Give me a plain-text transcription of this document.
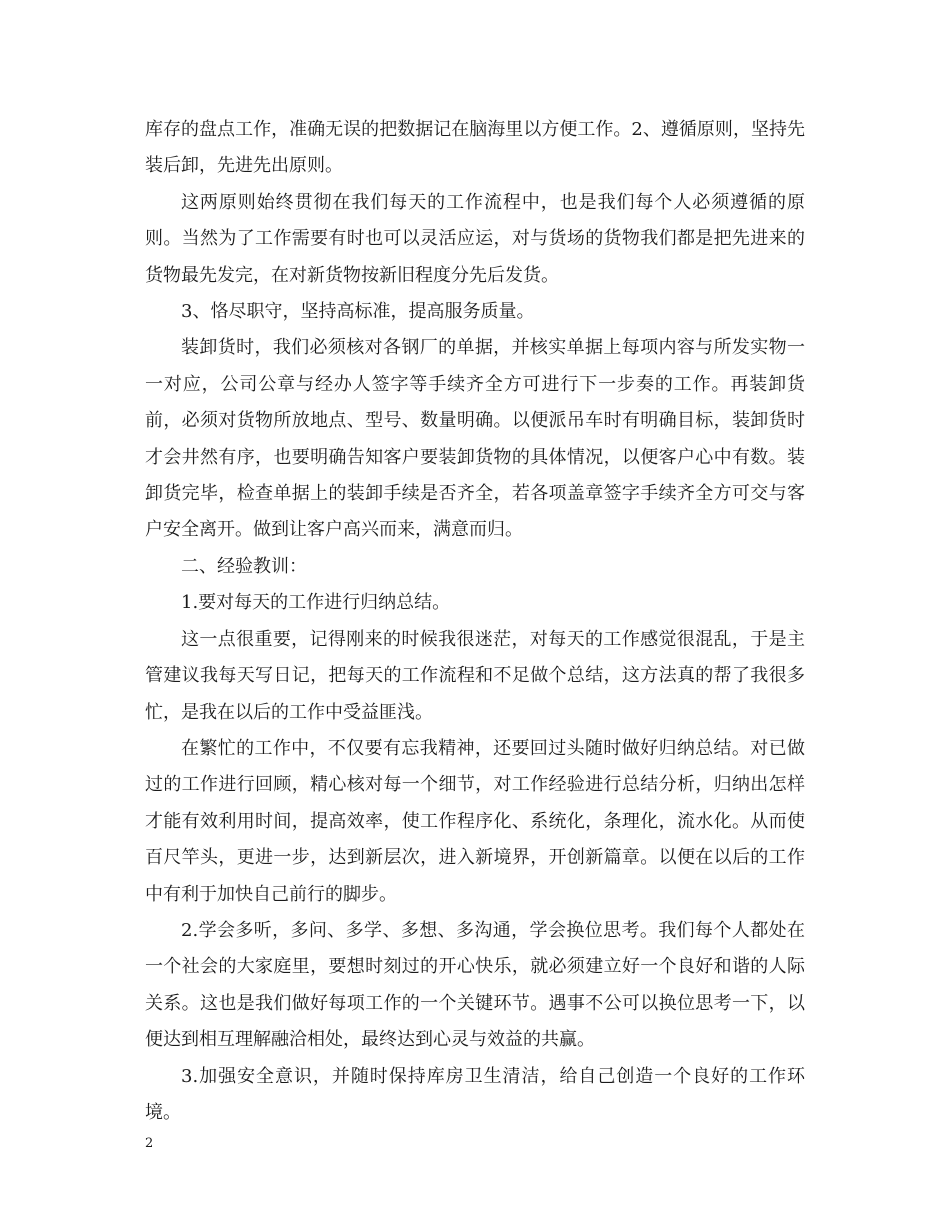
库存的盘点工作，准确无误的把数据记在脑海里以方便工作。2、遵循原则，坚持先装后卸，先进先出原则。

这两原则始终贯彻在我们每天的工作流程中，也是我们每个人必须遵循的原则。当然为了工作需要有时也可以灵活应运，对与货场的货物我们都是把先进来的货物最先发完，在对新货物按新旧程度分先后发货。

3、恪尽职守，坚持高标准，提高服务质量。

装卸货时，我们必须核对各钢厂的单据，并核实单据上每项内容与所发实物一一对应，公司公章与经办人签字等手续齐全方可进行下一步奏的工作。再装卸货前，必须对货物所放地点、型号、数量明确。以便派吊车时有明确目标，装卸货时才会井然有序，也要明确告知客户要装卸货物的具体情况，以便客户心中有数。装卸货完毕，检查单据上的装卸手续是否齐全，若各项盖章签字手续齐全方可交与客户安全离开。做到让客户高兴而来，满意而归。

二、经验教训：

1.要对每天的工作进行归纳总结。

这一点很重要，记得刚来的时候我很迷茫，对每天的工作感觉很混乱，于是主管建议我每天写日记，把每天的工作流程和不足做个总结，这方法真的帮了我很多忙，是我在以后的工作中受益匪浅。

在繁忙的工作中，不仅要有忘我精神，还要回过头随时做好归纳总结。对已做过的工作进行回顾，精心核对每一个细节，对工作经验进行总结分析，归纳出怎样才能有效利用时间，提高效率，使工作程序化、系统化，条理化，流水化。从而使百尺竿头，更进一步，达到新层次，进入新境界，开创新篇章。以便在以后的工作中有利于加快自己前行的脚步。

2.学会多听，多问、多学、多想、多沟通，学会换位思考。我们每个人都处在一个社会的大家庭里，要想时刻过的开心快乐，就必须建立好一个良好和谐的人际关系。这也是我们做好每项工作的一个关键环节。遇事不公可以换位思考一下，以便达到相互理解融洽相处，最终达到心灵与效益的共赢。

3.加强安全意识，并随时保持库房卫生清洁，给自己创造一个良好的工作环境。

2
